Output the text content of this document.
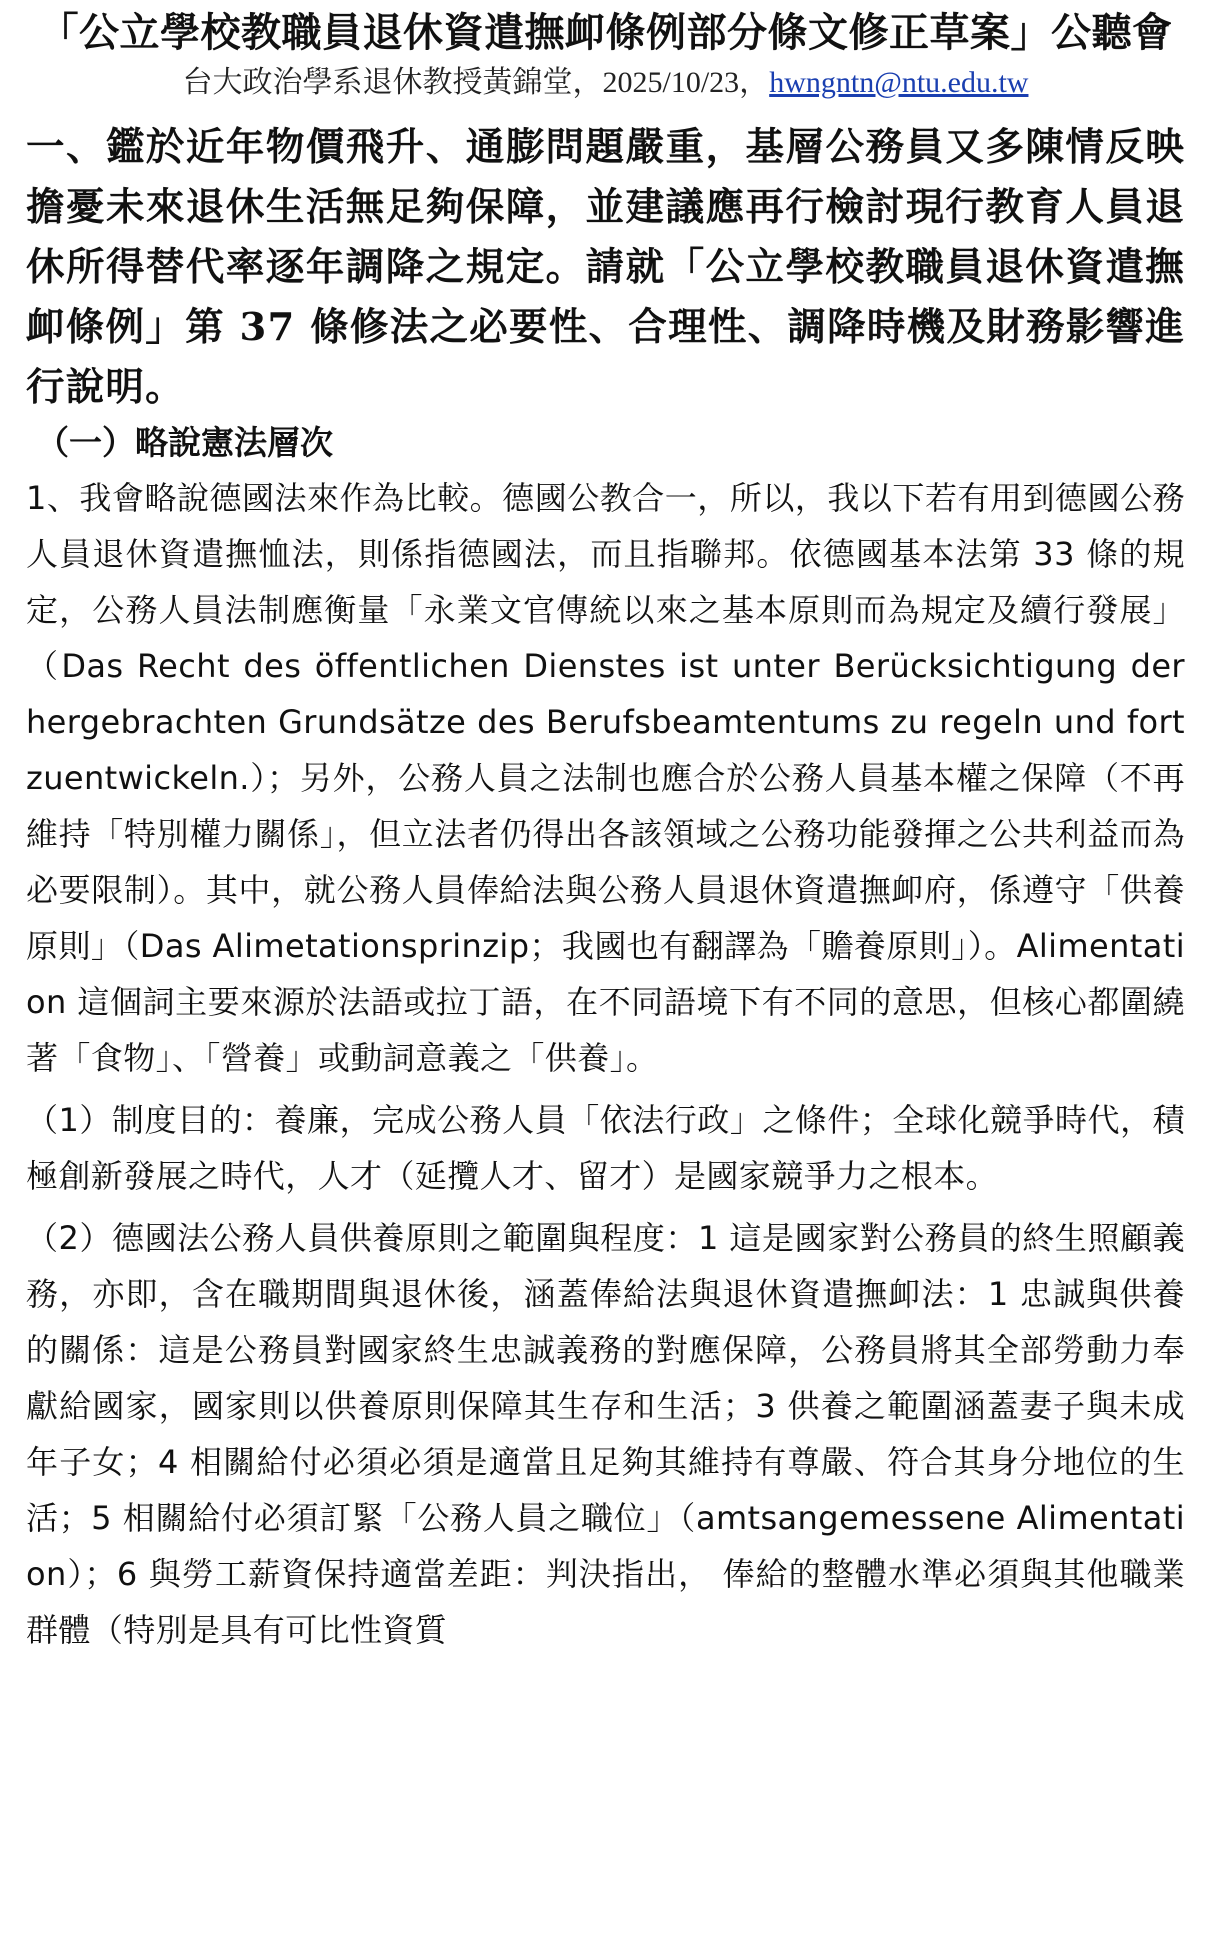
「公立學校教職員退休資遣撫卹條例部分條文修正草案」公聽會

台大政治學系退休教授黃錦堂，2025/10/23，hwngntn@ntu.edu.tw

一、鑑於近年物價飛升、通膨問題嚴重，基層公務員又多陳情反映擔憂未來退休生活無足夠保障，並建議應再行檢討現行教育人員退休所得替代率逐年調降之規定。請就「公立學校教職員退休資遣撫卹條例」第 37 條修法之必要性、合理性、調降時機及財務影響進行說明。
（一）略說憲法層次

1、我會略說德國法來作為比較。德國公教合一，所以，我以下若有用到德國公務人員退休資遣撫恤法，則係指德國法，而且指聯邦。依德國基本法第 33 條的規定，公務人員法制應衡量「永業文官傳統以來之基本原則而為規定及續行發展」（Das Recht des öffentlichen Dienstes ist unter Berücksichtigung der hergebrachten Grundsätze des Berufsbeamtentums zu regeln und fortzuentwickeln.）；另外，公務人員之法制也應合於公務人員基本權之保障（不再維持「特別權力關係」，但立法者仍得出各該領域之公務功能發揮之公共利益而為必要限制）。其中，就公務人員俸給法與公務人員退休資遣撫卹府，係遵守「供養原則」（Das Alimetationsprinzip；我國也有翻譯為「贍養原則」）。Alimentation 這個詞主要來源於法語或拉丁語，在不同語境下有不同的意思，但核心都圍繞著「食物」、「營養」或動詞意義之「供養」。

（1）制度目的：養廉，完成公務人員「依法行政」之條件；全球化競爭時代，積極創新發展之時代，人才（延攬人才、留才）是國家競爭力之根本。

（2）德國法公務人員供養原則之範圍與程度：1 這是國家對公務員的終生照顧義務，亦即，含在職期間與退休後，涵蓋俸給法與退休資遣撫卹法：1 忠誠與供養的關係：這是公務員對國家終生忠誠義務的對應保障，公務員將其全部勞動力奉獻給國家，國家則以供養原則保障其生存和生活；3 供養之範圍涵蓋妻子與未成年子女；4 相關給付必須必須是適當且足夠其維持有尊嚴、符合其身分地位的生活；5 相關給付必須訂緊「公務人員之職位」（amtsangemessene Alimentation）；6 與勞工薪資保持適當差距：判決指出， 俸給的整體水準必須與其他職業群體（特別是具有可比性資質
